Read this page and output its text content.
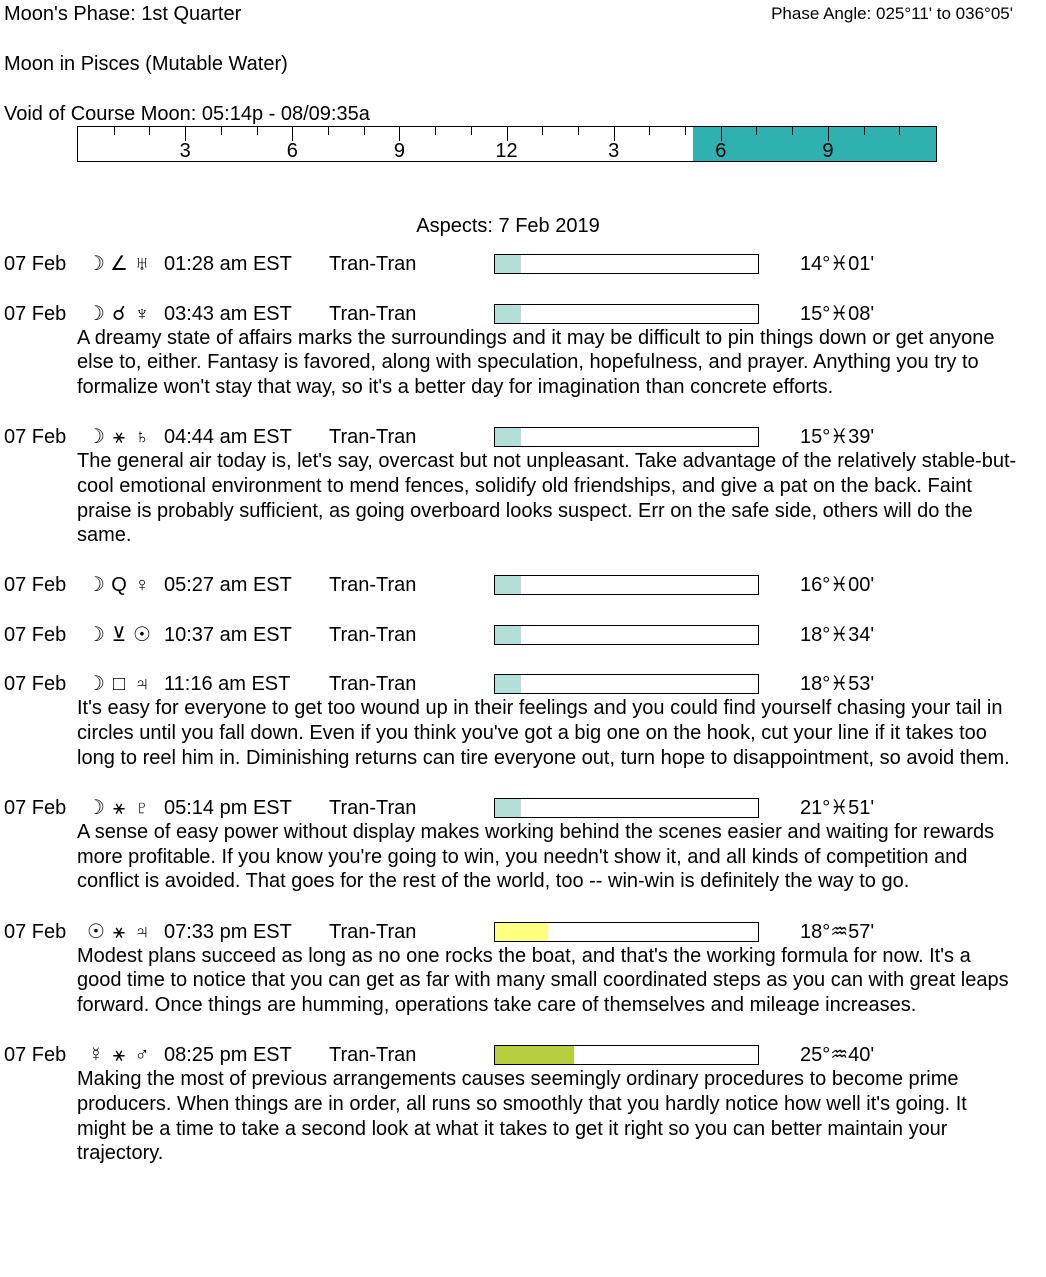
Moon's Phase: 1st Quarter	Phase Angle: 025°11' to 036°05'
Moon in Pisces (Mutable Water)
Void of Course Moon: 05:14p - 08/09:35a
3	6	9	12	3	6	9
Aspects: 7 Feb 2019
07 Feb ☽ ∠ ♅ 01:28 am EST Tran-Tran	14°♓01'
07 Feb ☽ ☌ ♆ 03:43 am EST Tran-Tran	15°♓08'
A dreamy state of affairs marks the surroundings and it may be difficult to pin things down or get anyone else to, either. Fantasy is favored, along with speculation, hopefulness, and prayer. Anything you try to formalize won't stay that way, so it's a better day for imagination than concrete efforts.
07 Feb ☽ ⚹ ♄ 04:44 am EST Tran-Tran	15°♓39'
The general air today is, let's say, overcast but not unpleasant. Take advantage of the relatively stable-but-cool emotional environment to mend fences, solidify old friendships, and give a pat on the back. Faint praise is probably sufficient, as going overboard looks suspect. Err on the safe side, others will do the same.
07 Feb ☽ Q ♀ 05:27 am EST Tran-Tran	16°♓00'
07 Feb ☽ ⊻ ☉ 10:37 am EST Tran-Tran	18°♓34'
07 Feb ☽ □ ♃ 11:16 am EST Tran-Tran	18°♓53'
It's easy for everyone to get too wound up in their feelings and you could find yourself chasing your tail in circles until you fall down. Even if you think you've got a big one on the hook, cut your line if it takes too long to reel him in. Diminishing returns can tire everyone out, turn hope to disappointment, so avoid them.
07 Feb ☽ ⚹ ♇ 05:14 pm EST Tran-Tran	21°♓51'
A sense of easy power without display makes working behind the scenes easier and waiting for rewards more profitable. If you know you're going to win, you needn't show it, and all kinds of competition and conflict is avoided. That goes for the rest of the world, too -- win-win is definitely the way to go.
07 Feb ☉ ⚹ ♃ 07:33 pm EST Tran-Tran	18°♒57'
Modest plans succeed as long as no one rocks the boat, and that's the working formula for now. It's a good time to notice that you can get as far with many small coordinated steps as you can with great leaps forward. Once things are humming, operations take care of themselves and mileage increases.
07 Feb ☿ ⚹ ♂ 08:25 pm EST Tran-Tran	25°♒40'
Making the most of previous arrangements causes seemingly ordinary procedures to become prime producers. When things are in order, all runs so smoothly that you hardly notice how well it's going. It might be a time to take a second look at what it takes to get it right so you can better maintain your trajectory.
